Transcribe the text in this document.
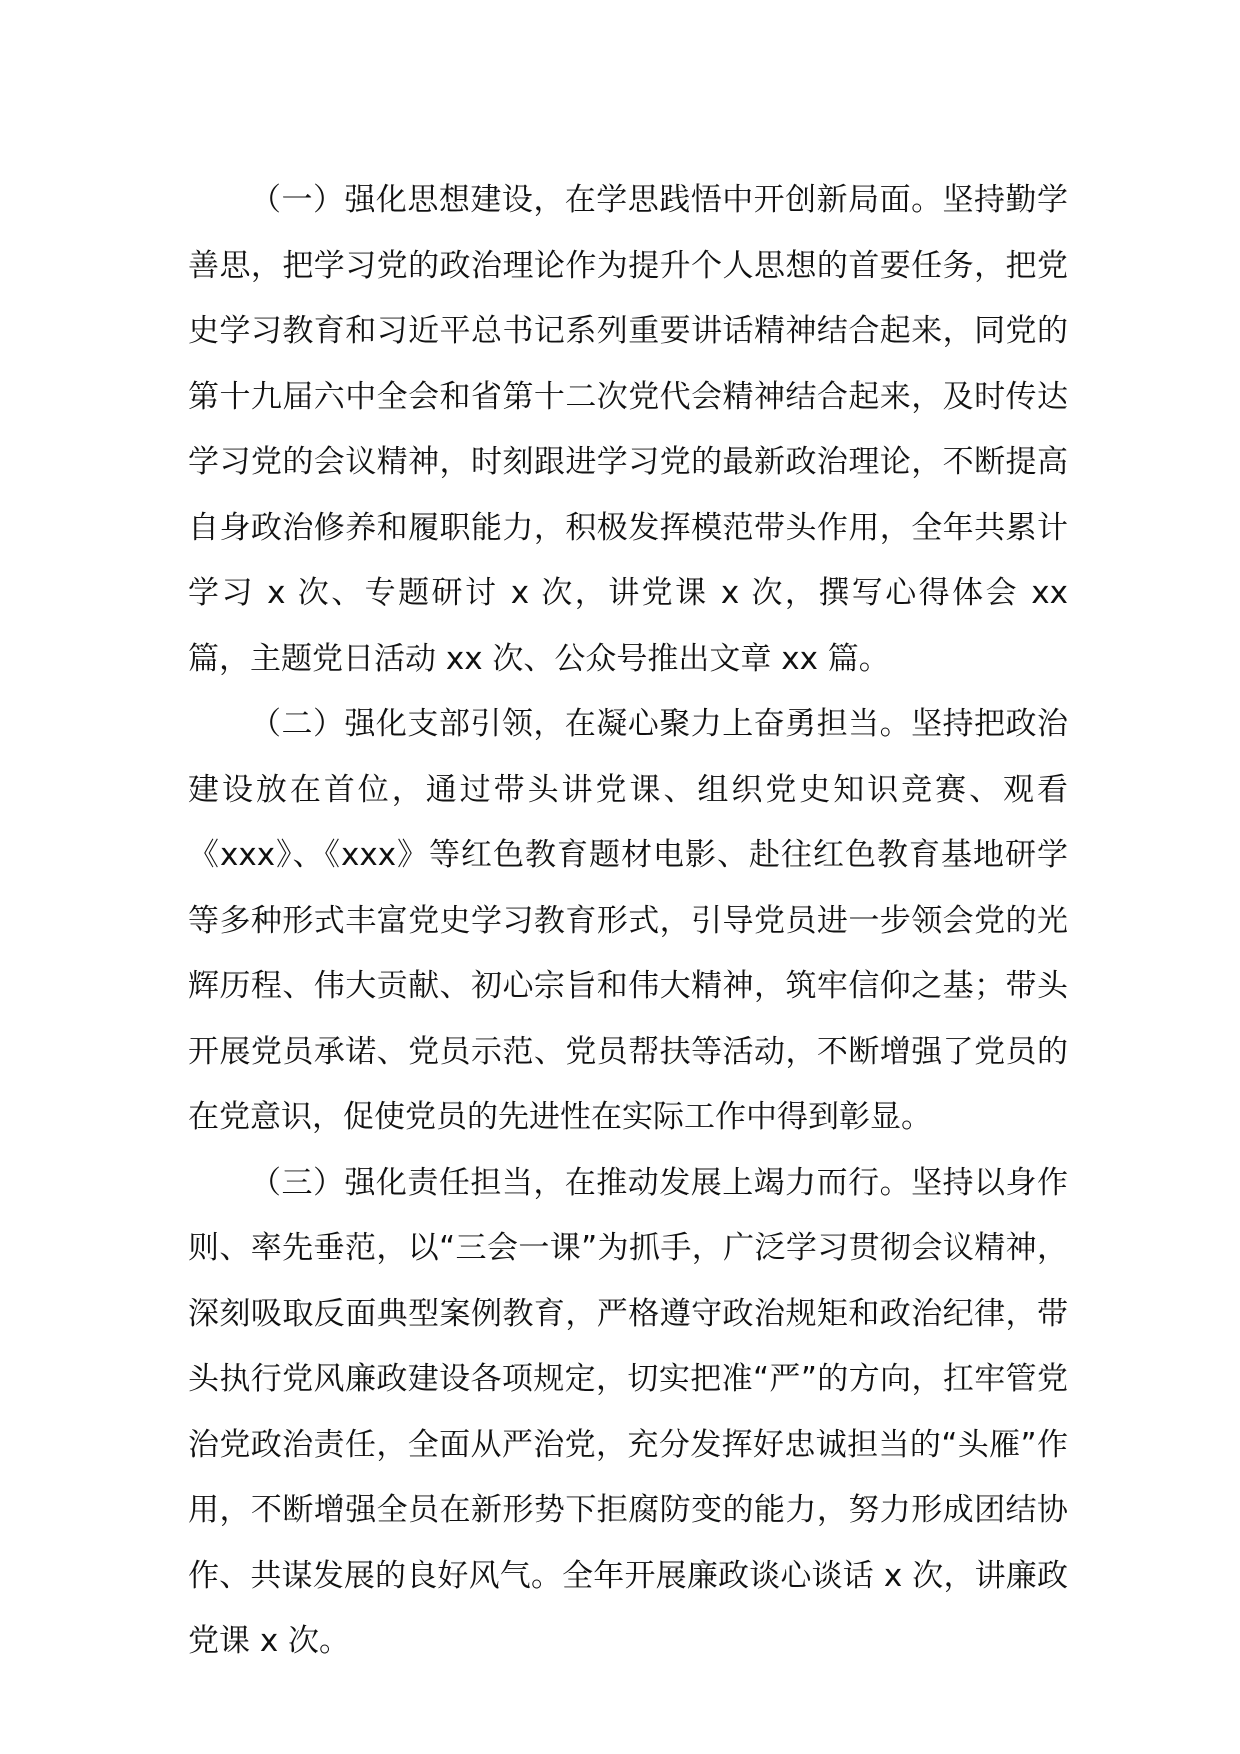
（一）强化思想建设，在学思践悟中开创新局面。坚持勤学善思，把学习党的政治理论作为提升个人思想的首要任务，把党史学习教育和习近平总书记系列重要讲话精神结合起来，同党的第十九届六中全会和省第十二次党代会精神结合起来，及时传达学习党的会议精神，时刻跟进学习党的最新政治理论，不断提高自身政治修养和履职能力，积极发挥模范带头作用，全年共累计学习 x 次、专题研讨 x 次，讲党课 x 次，撰写心得体会 xx 篇，主题党日活动 xx 次、公众号推出文章 xx 篇。

（二）强化支部引领，在凝心聚力上奋勇担当。坚持把政治建设放在首位，通过带头讲党课、组织党史知识竞赛、观看《xxx》、《xxx》等红色教育题材电影、赴往红色教育基地研学等多种形式丰富党史学习教育形式，引导党员进一步领会党的光辉历程、伟大贡献、初心宗旨和伟大精神，筑牢信仰之基；带头开展党员承诺、党员示范、党员帮扶等活动，不断增强了党员的在党意识，促使党员的先进性在实际工作中得到彰显。

（三）强化责任担当，在推动发展上竭力而行。坚持以身作则、率先垂范，以“三会一课”为抓手，广泛学习贯彻会议精神，深刻吸取反面典型案例教育，严格遵守政治规矩和政治纪律，带头执行党风廉政建设各项规定，切实把准“严”的方向，扛牢管党治党政治责任，全面从严治党，充分发挥好忠诚担当的“头雁”作用，不断增强全员在新形势下拒腐防变的能力，努力形成团结协作、共谋发展的良好风气。全年开展廉政谈心谈话 x 次，讲廉政党课 x 次。
